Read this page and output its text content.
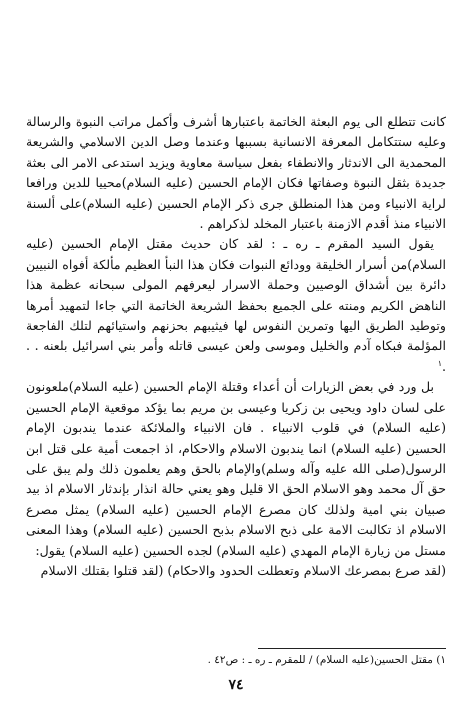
كانت تتطلع الى يوم البعثة الخاتمة باعتبارها أشرف وأكمل مراتب النبوة والرسالة وعليه ستتكامل المعرفة الانسانية بسببها وعندما وصل الدين الاسلامي والشريعة المحمدية الى الاندثار والانطفاء بفعل سياسة معاوية ويزيد استدعى الامر الى بعثة جديدة بثقل النبوة وصفاتها فكان الإمام الحسين (عليه السلام)محييا للدين ورافعا لراية الانبياء ومن هذا المنطلق جرى ذكر الإمام الحسين (عليه السلام)على ألسنة الانبياء منذ أقدم الازمنة باعتبار المخلد لذكراهم .

يقول السيد المقرم ـ ره ـ : لقد كان حديث مقتل الإمام الحسين (عليه السلام)من أسرار الخليقة وودائع النبوات فكان هذا النبأ العظيم مألكة أفواه النبيين دائرة بين أشداق الوصيين وحملة الاسرار ليعرفهم المولى سبحانه عظمة هذا الناهض الكريم ومنته على الجميع بحفظ الشريعة الخاتمة التي جاءا لتمهيد أمرها وتوطيد الطريق اليها وتمرين النفوس لها فيثيبهم بحزنهم واستيائهم لتلك الفاجعة المؤلمة فبكاه آدم والخليل وموسى ولعن عيسى قاتله وأمر بني اسرائيل بلعنه . . .$^١$

بل ورد في بعض الزيارات أن أعداء وقتلة الإمام الحسين (عليه السلام)ملعونون على لسان داود ويحيى بن زكريا وعيسى بن مريم بما يؤكد موقعية الإمام الحسين (عليه السلام) في قلوب الانبياء . فان الانبياء والملائكة عندما يندبون الإمام الحسين (عليه السلام) انما يندبون الاسلام والاحكام، اذ اجمعت أمية على قتل ابن الرسول(صلى الله عليه وآله وسلم)والإمام بالحق وهم يعلمون ذلك ولم يبق على حق آل محمد وهو الاسلام الحق الا قليل وهو يعني حالة انذار بإندثار الاسلام اذ بيد صبيان بني امية ولذلك كان مصرع الإمام الحسين (عليه السلام) يمثل مصرع الاسلام اذ تكالبت الامة على ذبح الاسلام بذبح الحسين (عليه السلام) وهذا المعنى مستل من زيارة الإمام المهدي (عليه السلام) لجده الحسين (عليه السلام) يقول:

(لقد صرع بمصرعك الاسلام وتعطلت الحدود والاحكام) (لقد قتلوا بقتلك الاسلام

١) مقتل الحسين(عليه السلام) / للمقرم ـ ره ـ : ص٤٢ .
٧٤
